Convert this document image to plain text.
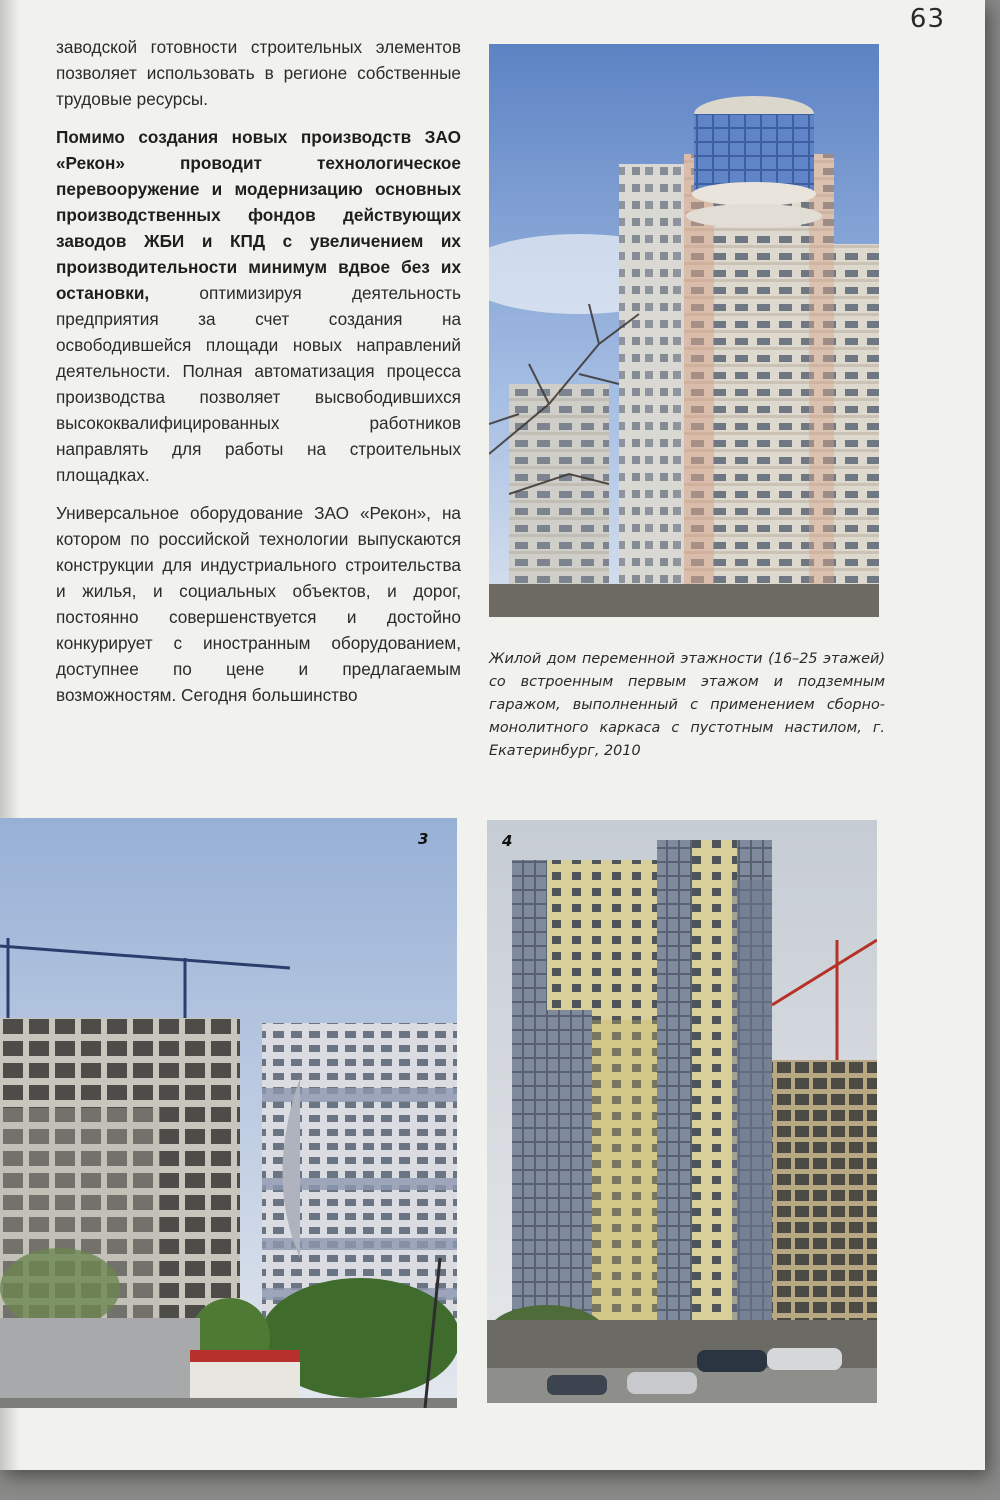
63

заводской готовности строительных элементов позволяет использовать в регионе собственные трудовые ресурсы.

Помимо создания новых производств ЗАО «Рекон» проводит технологическое перевооружение и модернизацию основных производственных фондов действующих заводов ЖБИ и КПД с увеличением их производительности минимум вдвое без их остановки, оптимизируя деятельность предприятия за счет создания на освободившейся площади новых направлений деятельности. Полная автоматизация процесса производства позволяет высвободившихся высококвалифицированных работников направлять для работы на строительных площадках.

Универсальное оборудование ЗАО «Рекон», на котором по российской технологии выпускаются конструкции для индустриального строительства и жилья, и социальных объектов, и дорог, постоянно совершенствуется и достойно конкурирует с иностранным оборудованием, доступнее по цене и предлагаемым возможностям. Сегодня большинство

Жилой дом переменной этажности (16–25 этажей) со встроенным первым этажом и подземным гаражом, выполненный с применением сборно-монолитного каркаса с пустотным настилом, г. Екатеринбург, 2010
3	4
